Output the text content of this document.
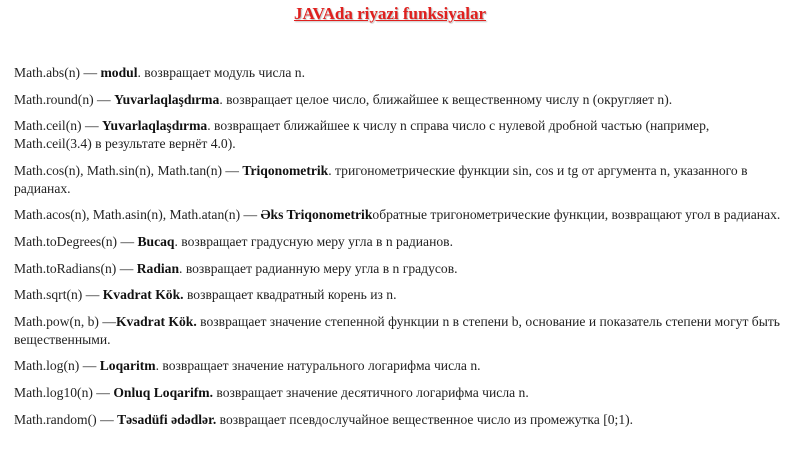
JAVAda riyazi funksiyalar
Math.abs(n) — modul. возвращает модуль числа n.
Math.round(n) — Yuvarlaqlaşdırma. возвращает целое число, ближайшее к вещественному числу n (округляет n).
Math.ceil(n) — Yuvarlaqlaşdırma. возвращает ближайшее к числу n справа число с нулевой дробной частью (например, Math.ceil(3.4) в результате вернёт 4.0).
Math.cos(n), Math.sin(n), Math.tan(n) — Triqonometrik. тригонометрические функции sin, cos и tg от аргумента n, указанного в радианах.
Math.acos(n), Math.asin(n), Math.atan(n) — Əks Triqonometrikобратные тригонометрические функции, возвращают угол в радианах.
Math.toDegrees(n) — Bucaq. возвращает градусную меру угла в n радианов.
Math.toRadians(n) — Radian. возвращает радианную меру угла в n градусов.
Math.sqrt(n) — Kvadrat Kök. возвращает квадратный корень из n.
Math.pow(n, b) —Kvadrat Kök. возвращает значение степенной функции n в степени b, основание и показатель степени могут быть вещественными.
Math.log(n) — Loqaritm. возвращает значение натурального логарифма числа n.
Math.log10(n) — Onluq Loqarifm. возвращает значение десятичного логарифма числа n.
Math.random() — Təsadüfi ədədlər. возвращает псевдослучайное вещественное число из промежутка [0;1).
